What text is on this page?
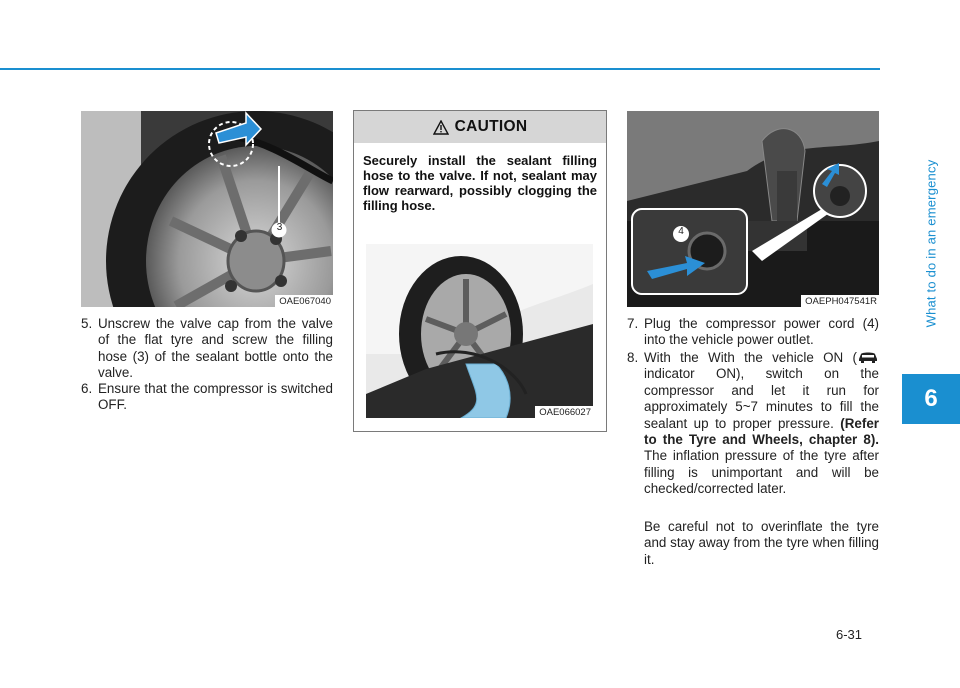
OAE067040
3
5. Unscrew the valve cap from the valve of the flat tyre and screw the filling hose (3) of the sealant bottle onto the valve.
6. Ensure that the compressor is switched OFF.
CAUTION
Securely install the sealant filling hose to the valve. If not, sealant may flow rearward, possibly clogging the filling hose.
OAE066027
4
OAEPH047541R
7. Plug the compressor power cord (4) into the vehicle power outlet.
8. With the With the vehicle ON ( indicator ON), switch on the compressor and let it run for approximately 5~7 minutes to fill the sealant up to proper pressure. (Refer to the Tyre and Wheels, chapter 8). The inflation pressure of the tyre after filling is unimportant and will be checked/corrected later.
Be careful not to overinflate the tyre and stay away from the tyre when filling it.
What to do in an emergency
6
6-31
